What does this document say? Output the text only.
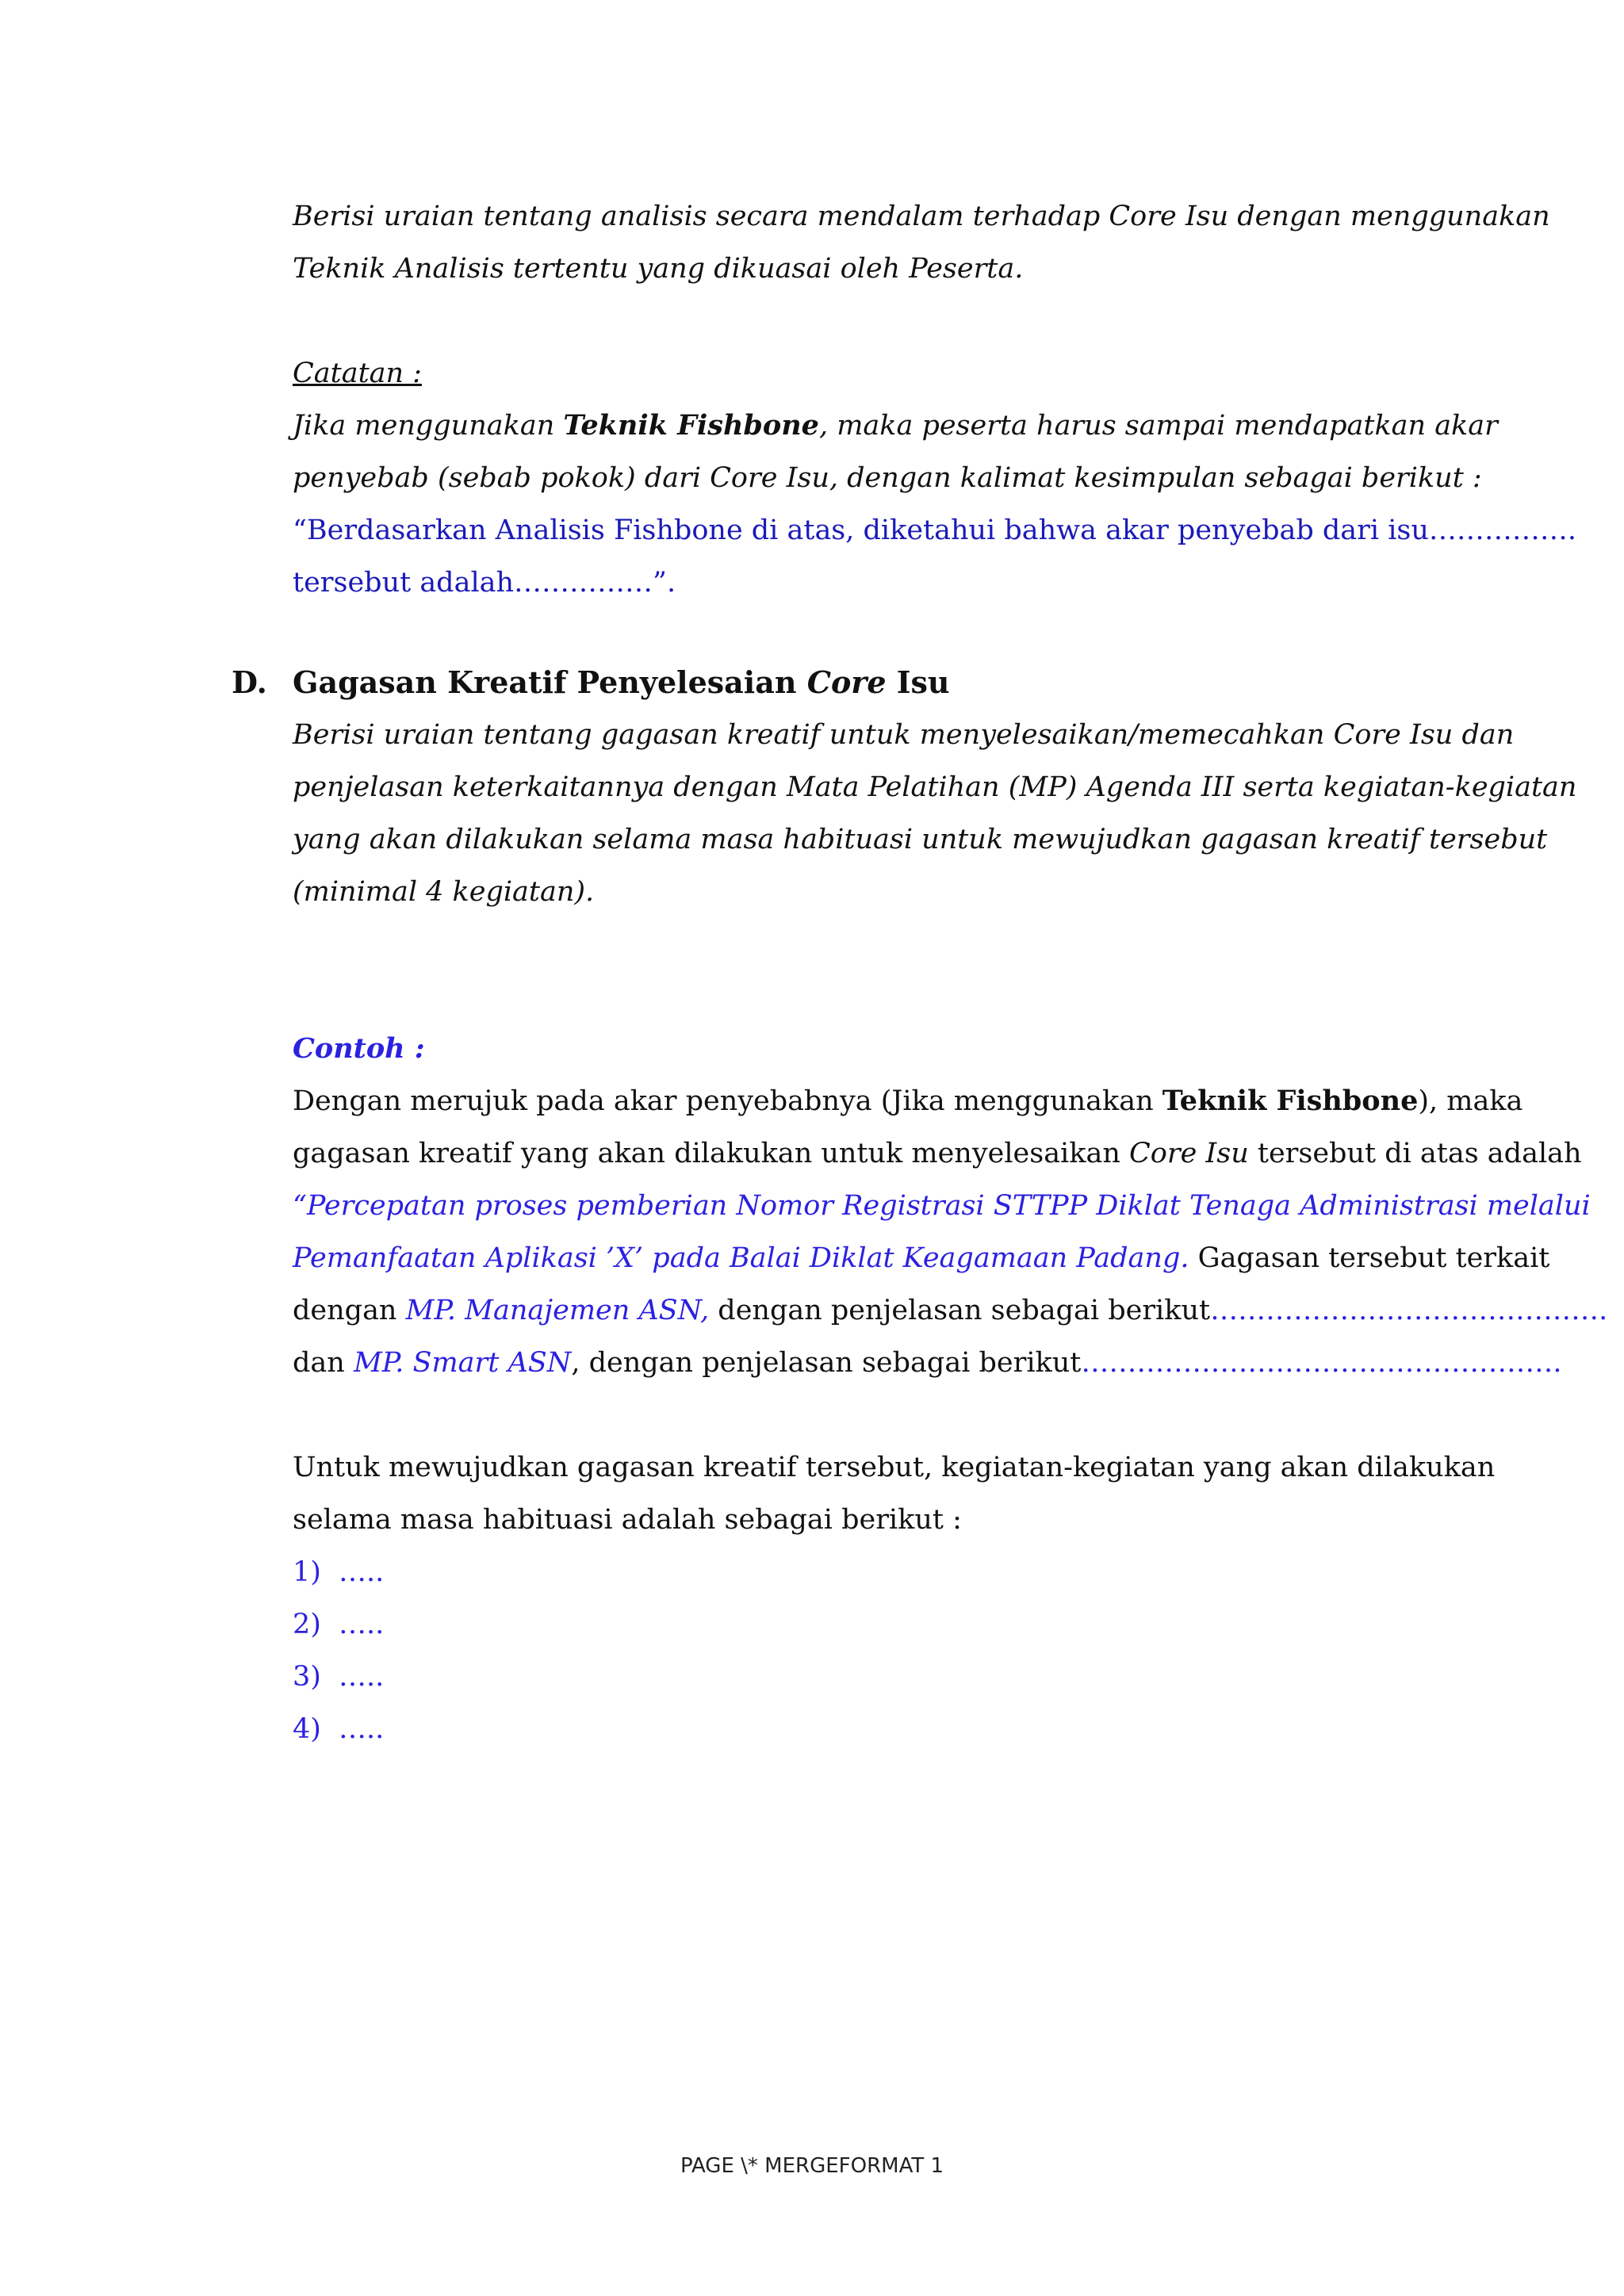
Berisi uraian tentang analisis secara mendalam terhadap Core Isu dengan menggunakan
Teknik Analisis tertentu yang dikuasai oleh Peserta.
Catatan :
Jika menggunakan Teknik Fishbone, maka peserta harus sampai mendapatkan akar
penyebab (sebab pokok) dari Core Isu, dengan kalimat kesimpulan sebagai berikut :
“Berdasarkan Analisis Fishbone di atas, diketahui bahwa akar penyebab dari isu…………….
tersebut adalah……………”.
D. Gagasan Kreatif Penyelesaian Core Isu
Berisi uraian tentang gagasan kreatif untuk menyelesaikan/memecahkan Core Isu dan
penjelasan keterkaitannya dengan Mata Pelatihan (MP) Agenda III serta kegiatan-kegiatan
yang akan dilakukan selama masa habituasi untuk mewujudkan gagasan kreatif tersebut
(minimal 4 kegiatan).
Contoh :
Dengan merujuk pada akar penyebabnya (Jika menggunakan Teknik Fishbone), maka
gagasan kreatif yang akan dilakukan untuk menyelesaikan Core Isu tersebut di atas adalah
“Percepatan proses pemberian Nomor Registrasi STTPP Diklat Tenaga Administrasi melalui
Pemanfaatan Aplikasi ’X’ pada Balai Diklat Keagamaan Padang. Gagasan tersebut terkait
dengan MP. Manajemen ASN, dengan penjelasan sebagai berikut…………………………………….
dan MP. Smart ASN, dengan penjelasan sebagai berikut…………………………………………….
Untuk mewujudkan gagasan kreatif tersebut, kegiatan-kegiatan yang akan dilakukan
selama masa habituasi adalah sebagai berikut :
1) …..
2) …..
3) …..
4) …..
PAGE \* MERGEFORMAT 1
